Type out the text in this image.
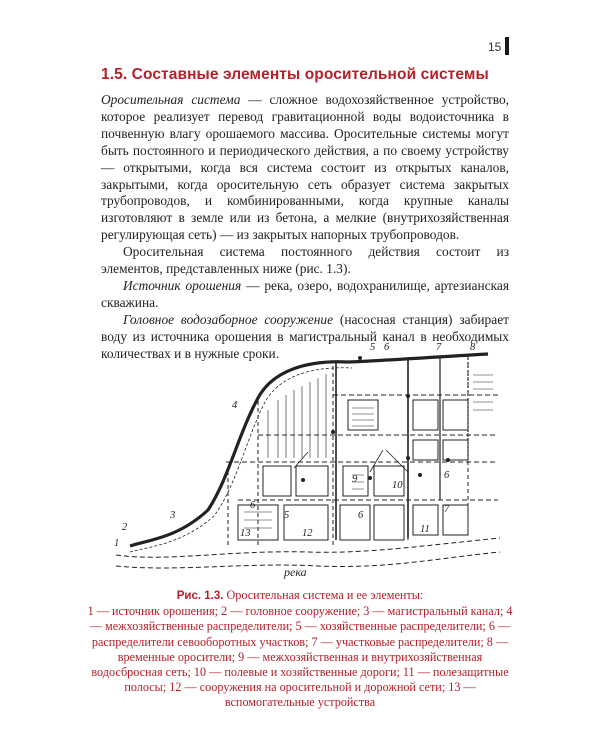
15
1.5. Составные элементы оросительной системы

Оросительная система — сложное водохозяйственное устройство, которое реализует перевод гравитационной воды водоисточника в почвенную влагу орошаемого массива. Оросительные системы могут быть постоянного и периодического действия, а по своему устройству — открытыми, когда вся система состоит из открытых каналов, закрытыми, когда оросительную сеть образует система закрытых трубопроводов, и комбинированными, когда крупные каналы изготовляют в земле или из бетона, а мелкие (внутрихозяйственная регулирующая сеть) — из закрытых напорных трубопроводов.

Оросительная система постоянного действия состоит из элементов, представленных ниже (рис. 1.3).

Источник орошения — река, озеро, водохранилище, артезианская скважина.

Головное водозаборное сооружение (насосная станция) забирает воду из источника орошения в магистральный канал в необходимых количествах и в нужные сроки.

река
1
2
3
4
5 6	7	8
9
10
11
12
13
5
6
6
7
6
Рис. 1.3. Оросительная система и ее элементы:
1 — источник орошения; 2 — головное сооружение; 3 — магистральный канал; 4 — межхозяйственные распределители; 5 — хозяйственные распределители; 6 — распределители севооборотных участков; 7 — участковые распределители; 8 — временные оросители; 9 — межхозяйственная и внутрихозяйственная водосбросная сеть; 10 — полевые и хозяйственные дороги; 11 — полезащитные полосы; 12 — сооружения на оросительной и дорожной сети; 13 — вспомогательные устройства
